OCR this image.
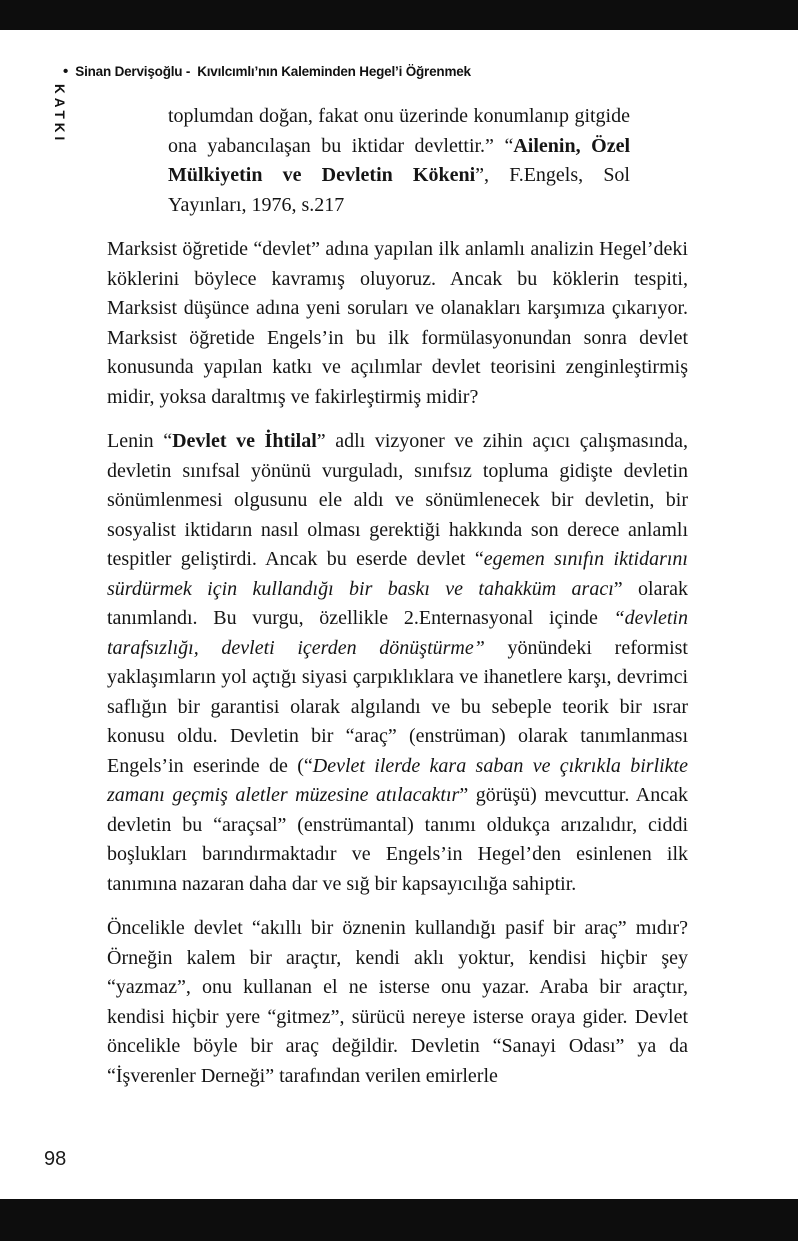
• Sinan Dervişoğlu - Kıvılcımlı’nın Kaleminden Hegel’i Öğrenmek
KATKI	toplumdan doğan, fakat onu üzerinde konumlanıp gitgide ona yabancılaşan bu iktidar devlettir.” “Ailenin, Özel Mülkiyetin ve Devletin Kökeni”, F.Engels, Sol Yayınları, 1976, s.217
Marksist öğretide “devlet” adına yapılan ilk anlamlı analizin Hegel’deki köklerini böylece kavramış oluyoruz. Ancak bu köklerin tespiti, Marksist düşünce adına yeni soruları ve olanakları karşımıza çıkarıyor. Marksist öğretide Engels’in bu ilk formülasyonundan sonra devlet konusunda yapılan katkı ve açılımlar devlet teorisini zenginleştirmiş midir, yoksa daraltmış ve fakirleştirmiş midir?
Lenin “Devlet ve İhtilal” adlı vizyoner ve zihin açıcı çalışmasında, devletin sınıfsal yönünü vurguladı, sınıfsız topluma gidişte devletin sönümlenmesi olgusunu ele aldı ve sönümlenecek bir devletin, bir sosyalist iktidarın nasıl olması gerektiği hakkında son derece anlamlı tespitler geliştirdi. Ancak bu eserde devlet “egemen sınıfın iktidarını sürdürmek için kullandığı bir baskı ve tahakküm aracı” olarak tanımlandı. Bu vurgu, özellikle 2.Enternasyonal içinde “devletin tarafsızlığı, devleti içerden dönüştürme” yönündeki reformist yaklaşımların yol açtığı siyasi çarpıklıklara ve ihanetlere karşı, devrimci saflığın bir garantisi olarak algılandı ve bu sebeple teorik bir ısrar konusu oldu. Devletin bir “araç” (enstrüman) olarak tanımlanması Engels’in eserinde de (“Devlet ilerde kara saban ve çıkrıkla birlikte zamanı geçmiş aletler müzesine atılacaktır” görüşü) mevcuttur. Ancak devletin bu “araçsal” (enstrümantal) tanımı oldukça arızalıdır, ciddi boşlukları barındırmaktadır ve Engels’in Hegel’den esinlenen ilk tanımına nazaran daha dar ve sığ bir kapsayıcılığa sahiptir.
Öncelikle devlet “akıllı bir öznenin kullandığı pasif bir araç” mıdır? Örneğin kalem bir araçtır, kendi aklı yoktur, kendisi hiçbir şey “yazmaz”, onu kullanan el ne isterse onu yazar. Araba bir araçtır, kendisi hiçbir yere “gitmez”, sürücü nereye isterse oraya gider. Devlet öncelikle böyle bir araç değildir. Devletin “Sanayi Odası” ya da “İşverenler Derneği” tarafından verilen emirlerle
98
